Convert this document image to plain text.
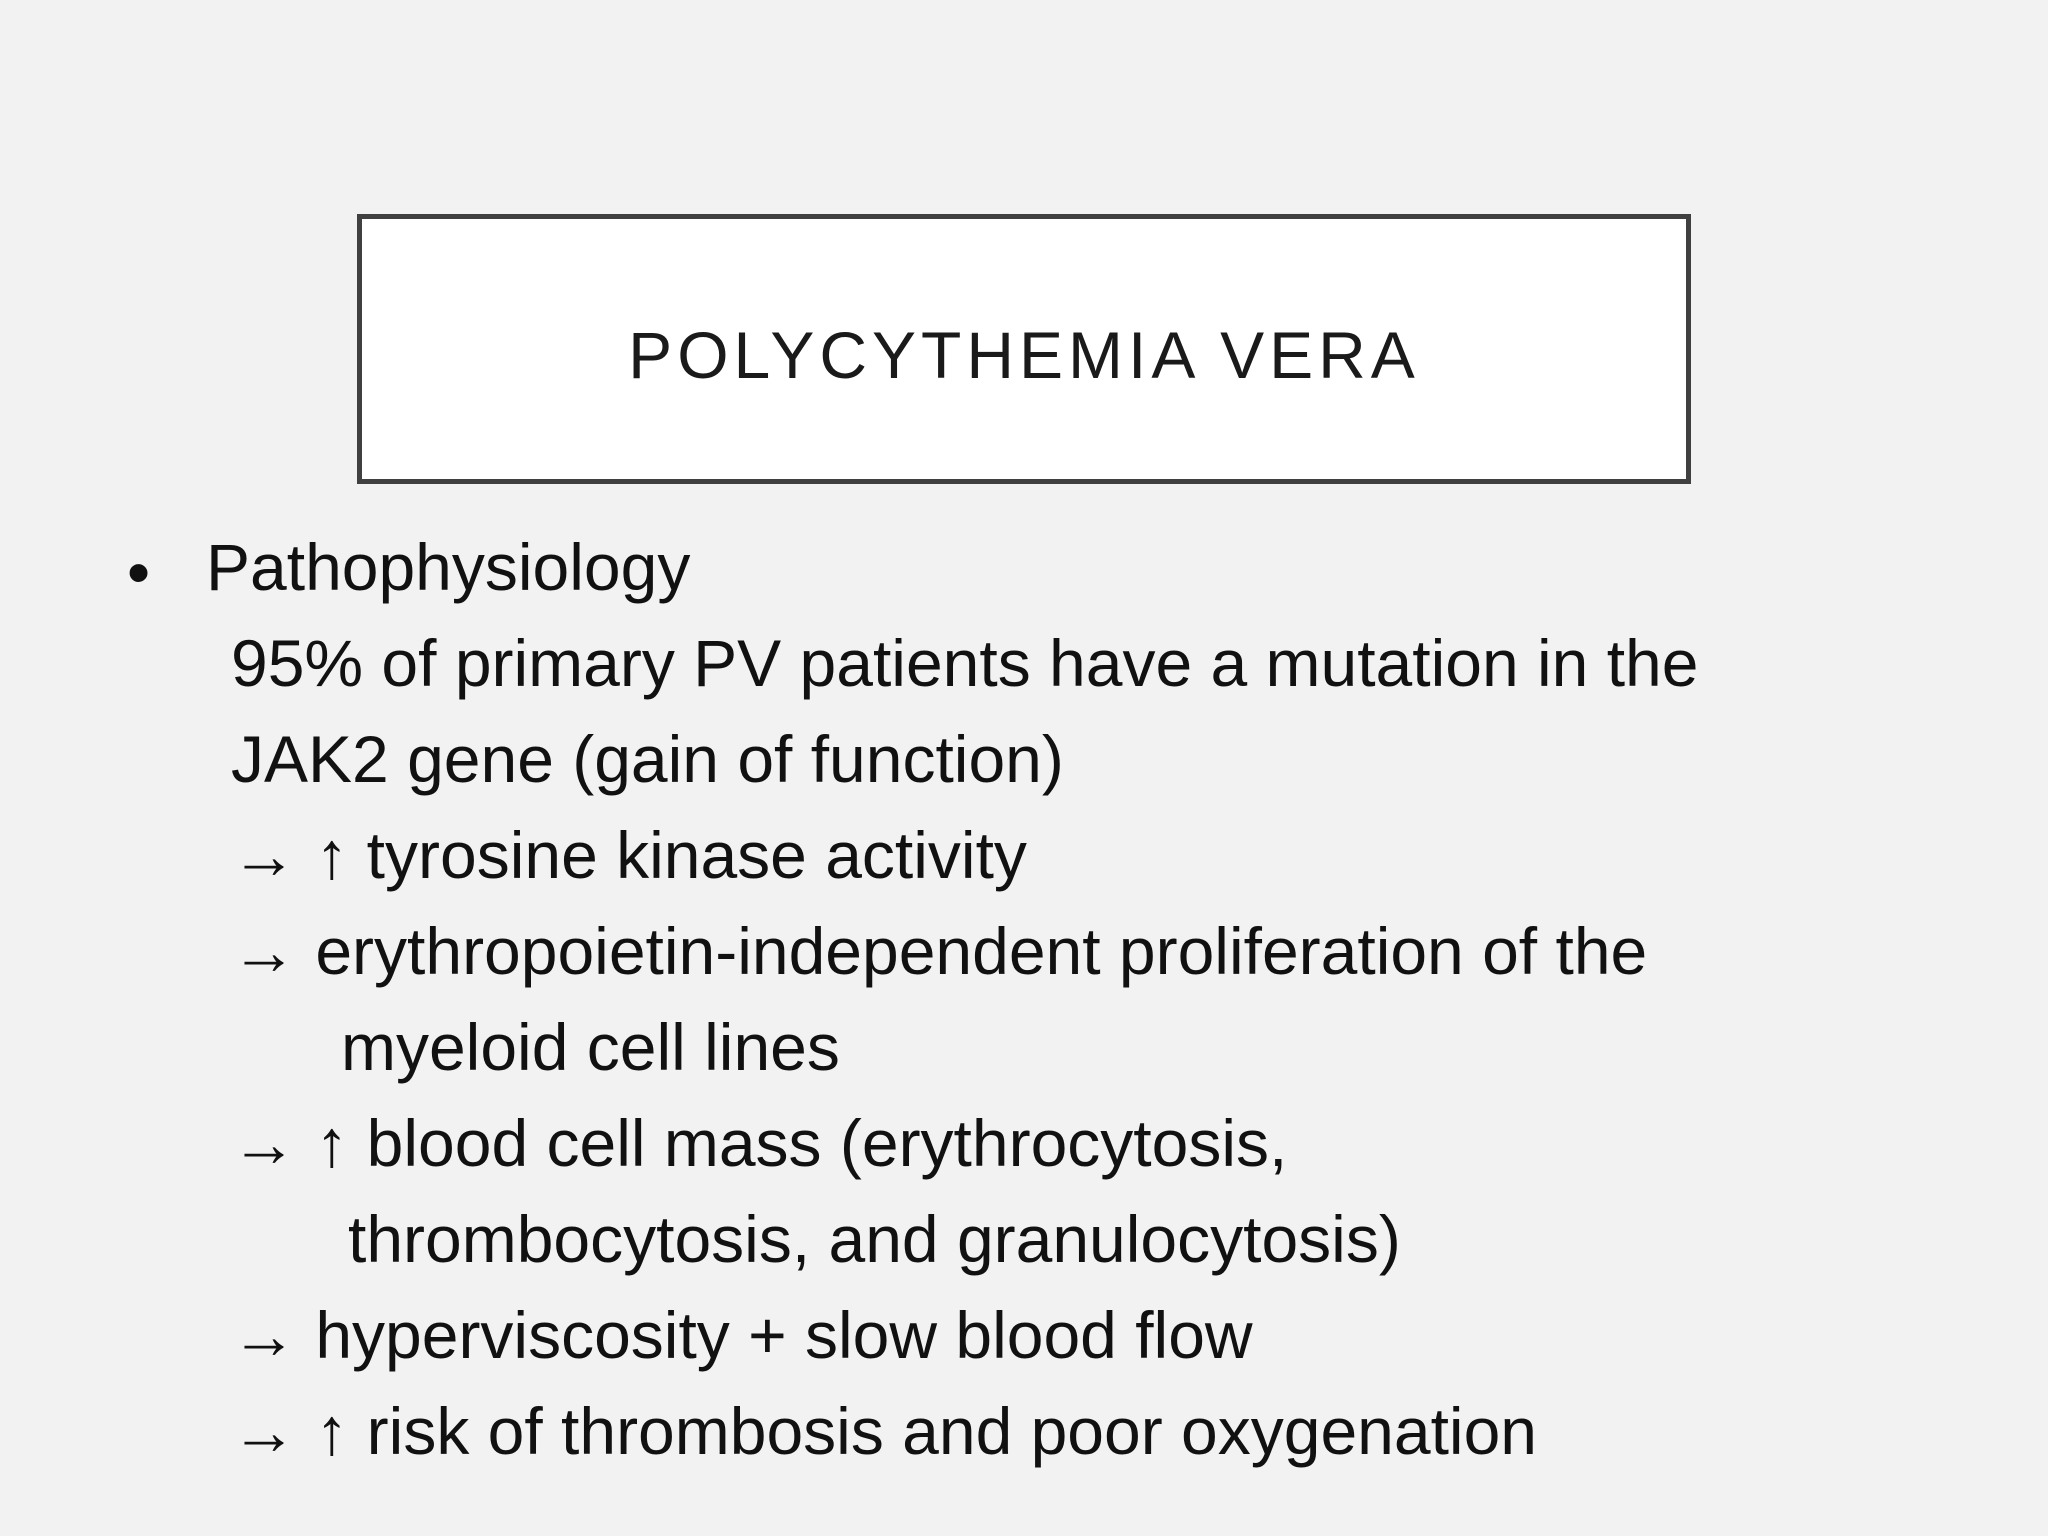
POLYCYTHEMIA VERA
• Pathophysiology
95% of primary PV patients have a mutation in the
JAK2 gene (gain of function)
→ ↑ tyrosine kinase activity
→ erythropoietin-independent proliferation of the
myeloid cell lines
→ ↑ blood cell mass (erythrocytosis,
thrombocytosis, and granulocytosis)
→ hyperviscosity + slow blood flow
→ ↑ risk of thrombosis and poor oxygenation
